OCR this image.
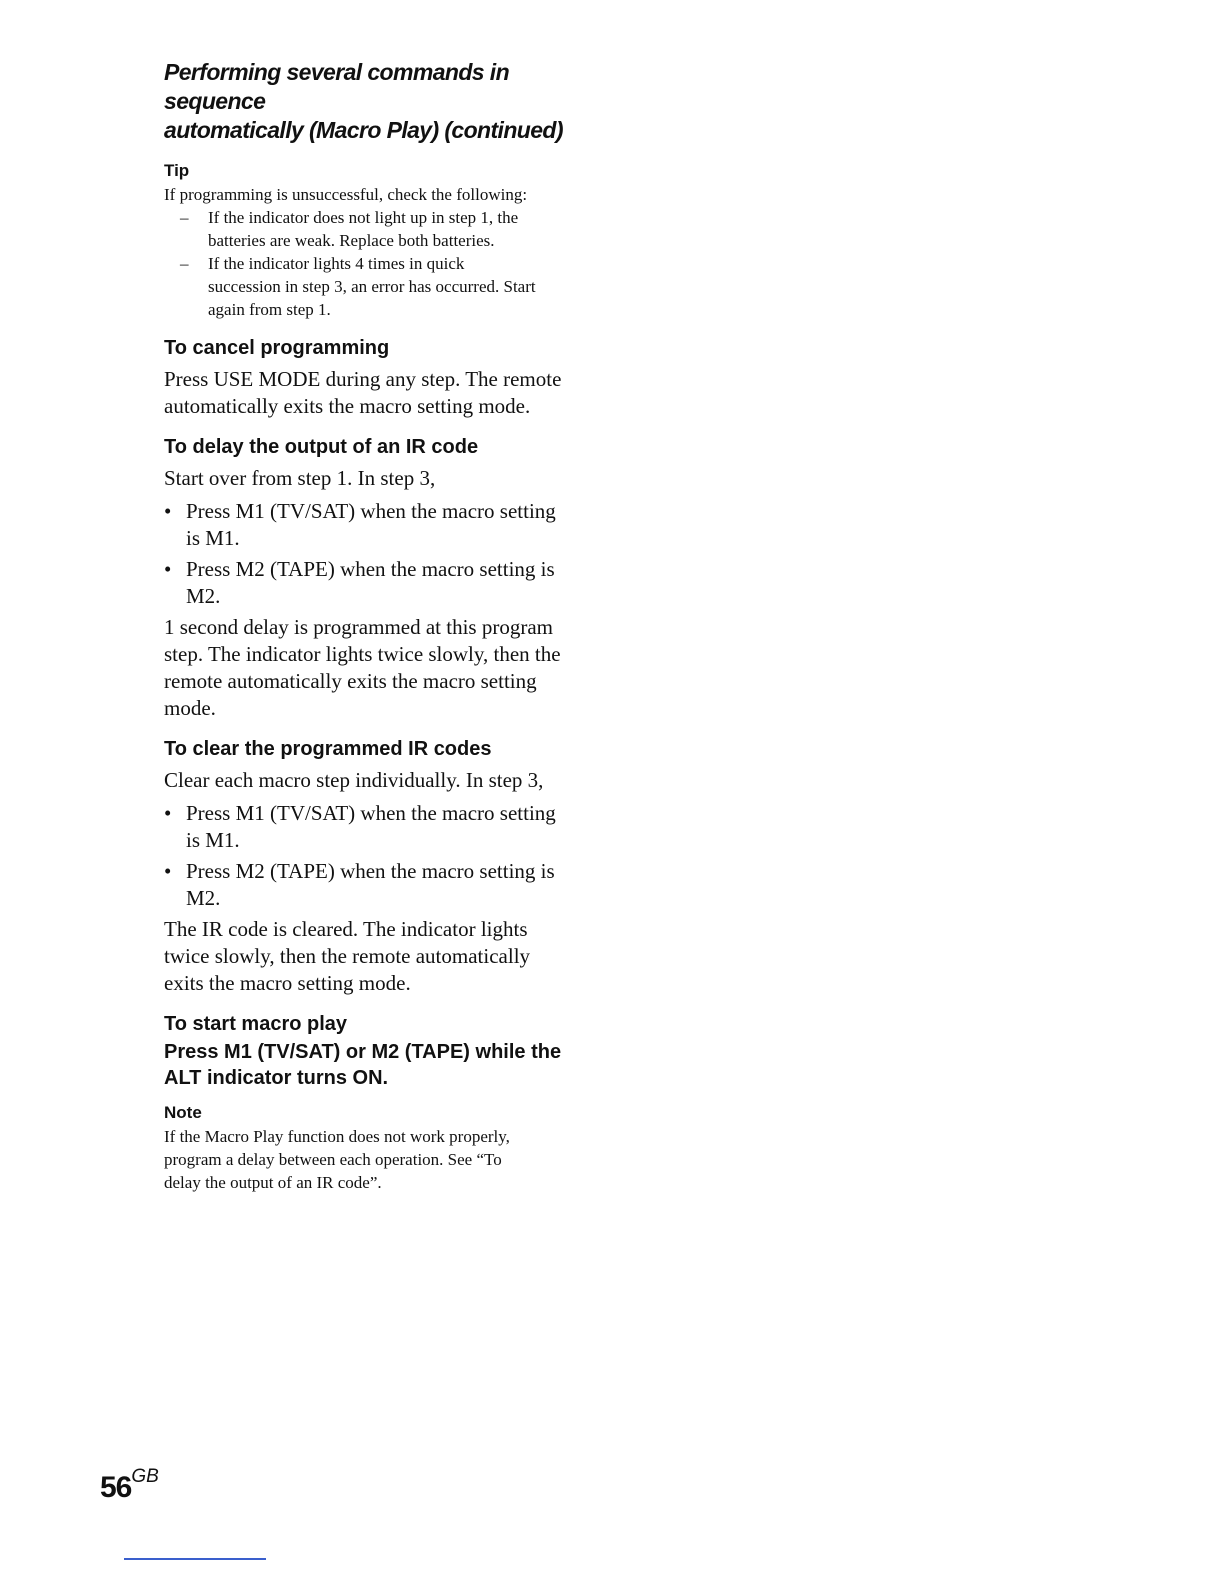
Performing several commands in sequence
automatically (Macro Play) (continued)
Tip

If programming is unsuccessful, check the following:

– If the indicator does not light up in step 1, the
batteries are weak. Replace both batteries.
– If the indicator lights 4 times in quick
succession in step 3, an error has occurred. Start
again from step 1.
To cancel programming

Press USE MODE during any step. The remote
automatically exits the macro setting mode.

To delay the output of an IR code

Start over from step 1. In step 3,

• Press M1 (TV/SAT) when the macro setting
is M1.
• Press M2 (TAPE) when the macro setting is
M2.

1 second delay is programmed at this program
step. The indicator lights twice slowly, then the
remote automatically exits the macro setting
mode.

To clear the programmed IR codes

Clear each macro step individually. In step 3,

• Press M1 (TV/SAT) when the macro setting
is M1.
• Press M2 (TAPE) when the macro setting is
M2.

The IR code is cleared. The indicator lights
twice slowly, then the remote automatically
exits the macro setting mode.

To start macro play
Press M1 (TV/SAT) or M2 (TAPE) while the
ALT indicator turns ON.
Note

If the Macro Play function does not work properly,
program a delay between each operation. See “To
delay the output of an IR code”.

$56^{GB}$
